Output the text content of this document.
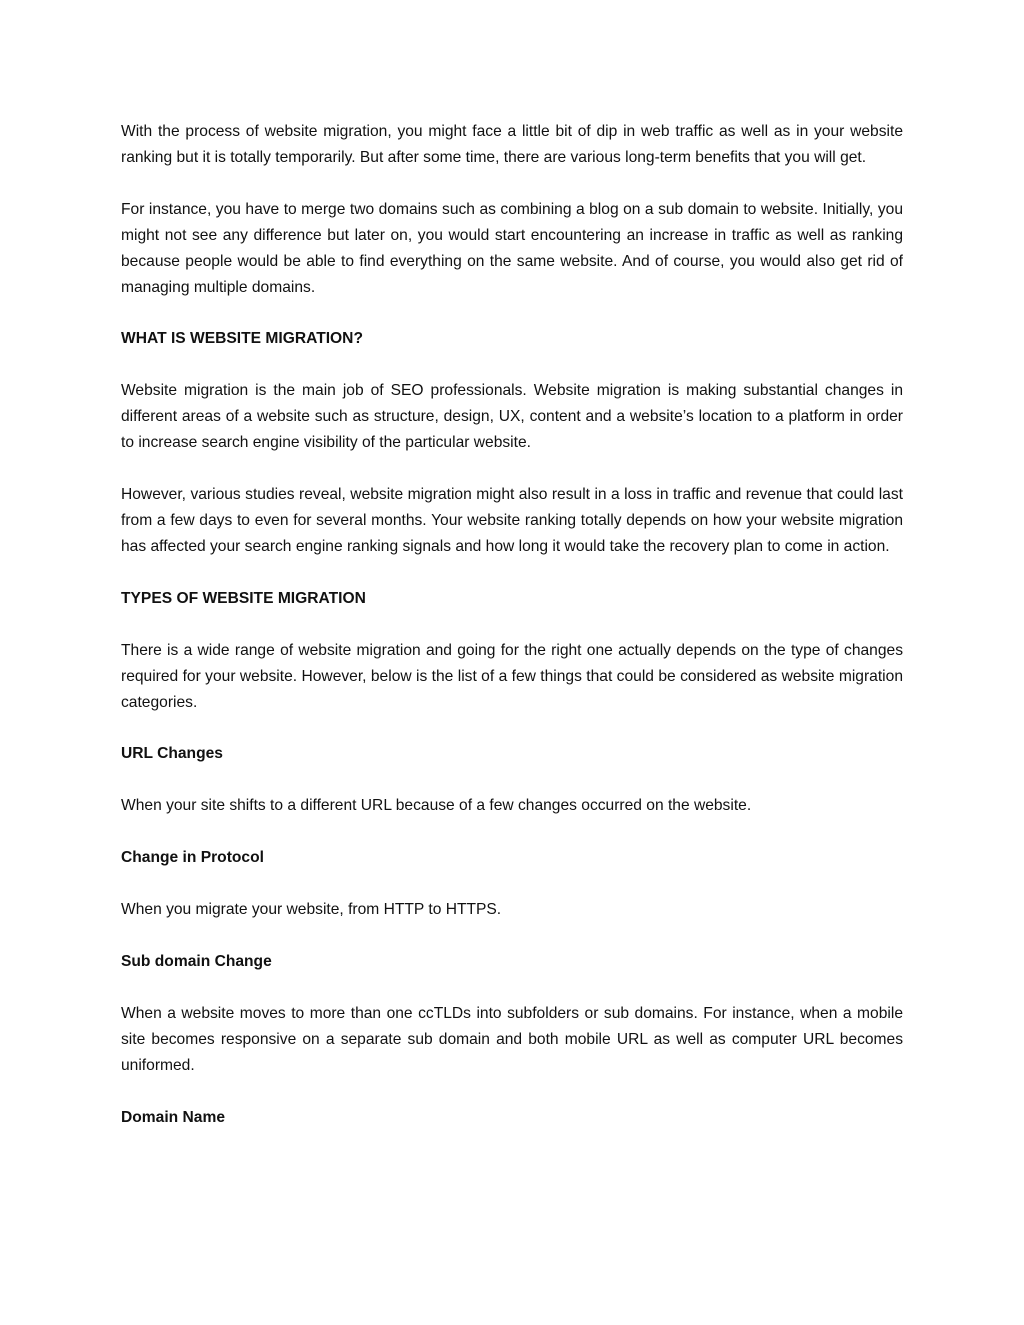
With the process of website migration, you might face a little bit of dip in web traffic as well as in your website ranking but it is totally temporarily. But after some time, there are various long-term benefits that you will get.

For instance, you have to merge two domains such as combining a blog on a sub domain to website. Initially, you might not see any difference but later on, you would start encountering an increase in traffic as well as ranking because people would be able to find everything on the same website. And of course, you would also get rid of managing multiple domains.

WHAT IS WEBSITE MIGRATION?

Website migration is the main job of SEO professionals. Website migration is making substantial changes in different areas of a website such as structure, design, UX, content and a website’s location to a platform in order to increase search engine visibility of the particular website.

However, various studies reveal, website migration might also result in a loss in traffic and revenue that could last from a few days to even for several months. Your website ranking totally depends on how your website migration has affected your search engine ranking signals and how long it would take the recovery plan to come in action.

TYPES OF WEBSITE MIGRATION

There is a wide range of website migration and going for the right one actually depends on the type of changes required for your website. However, below is the list of a few things that could be considered as website migration categories.

URL Changes

When your site shifts to a different URL because of a few changes occurred on the website.

Change in Protocol

When you migrate your website, from HTTP to HTTPS.

Sub domain Change

When a website moves to more than one ccTLDs into subfolders or sub domains. For instance, when a mobile site becomes responsive on a separate sub domain and both mobile URL as well as computer URL becomes uniformed.

Domain Name
